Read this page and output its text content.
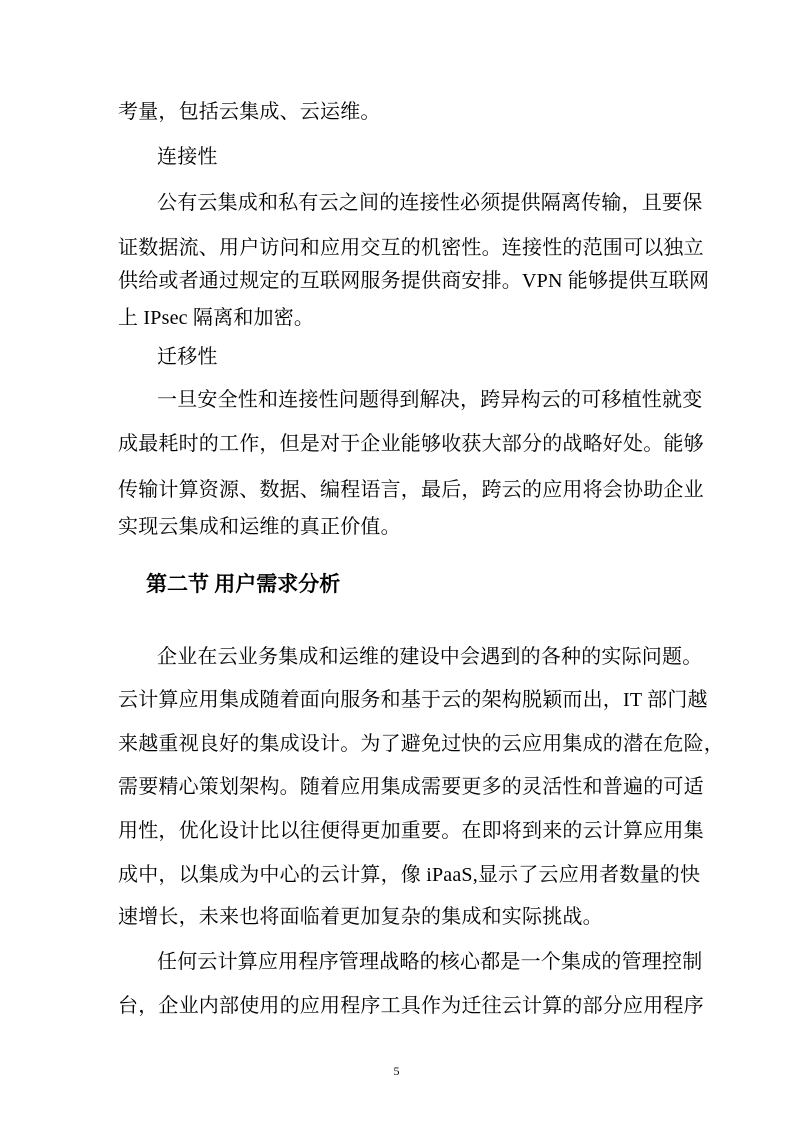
考量，包括云集成、云运维。
连接性
公有云集成和私有云之间的连接性必须提供隔离传输，且要保
证数据流、用户访问和应用交互的机密性。连接性的范围可以独立
供给或者通过规定的互联网服务提供商安排。VPN 能够提供互联网
上 IPsec 隔离和加密。
迁移性
一旦安全性和连接性问题得到解决，跨异构云的可移植性就变
成最耗时的工作，但是对于企业能够收获大部分的战略好处。能够
传输计算资源、数据、编程语言，最后，跨云的应用将会协助企业
实现云集成和运维的真正价值。
第二节 用户需求分析
企业在云业务集成和运维的建设中会遇到的各种的实际问题。
云计算应用集成随着面向服务和基于云的架构脱颖而出，IT 部门越
来越重视良好的集成设计。为了避免过快的云应用集成的潜在危险，
需要精心策划架构。随着应用集成需要更多的灵活性和普遍的可适
用性，优化设计比以往便得更加重要。在即将到来的云计算应用集
成中，以集成为中心的云计算，像 iPaaS,显示了云应用者数量的快
速增长，未来也将面临着更加复杂的集成和实际挑战。
任何云计算应用程序管理战略的核心都是一个集成的管理控制
台，企业内部使用的应用程序工具作为迁往云计算的部分应用程序
5
